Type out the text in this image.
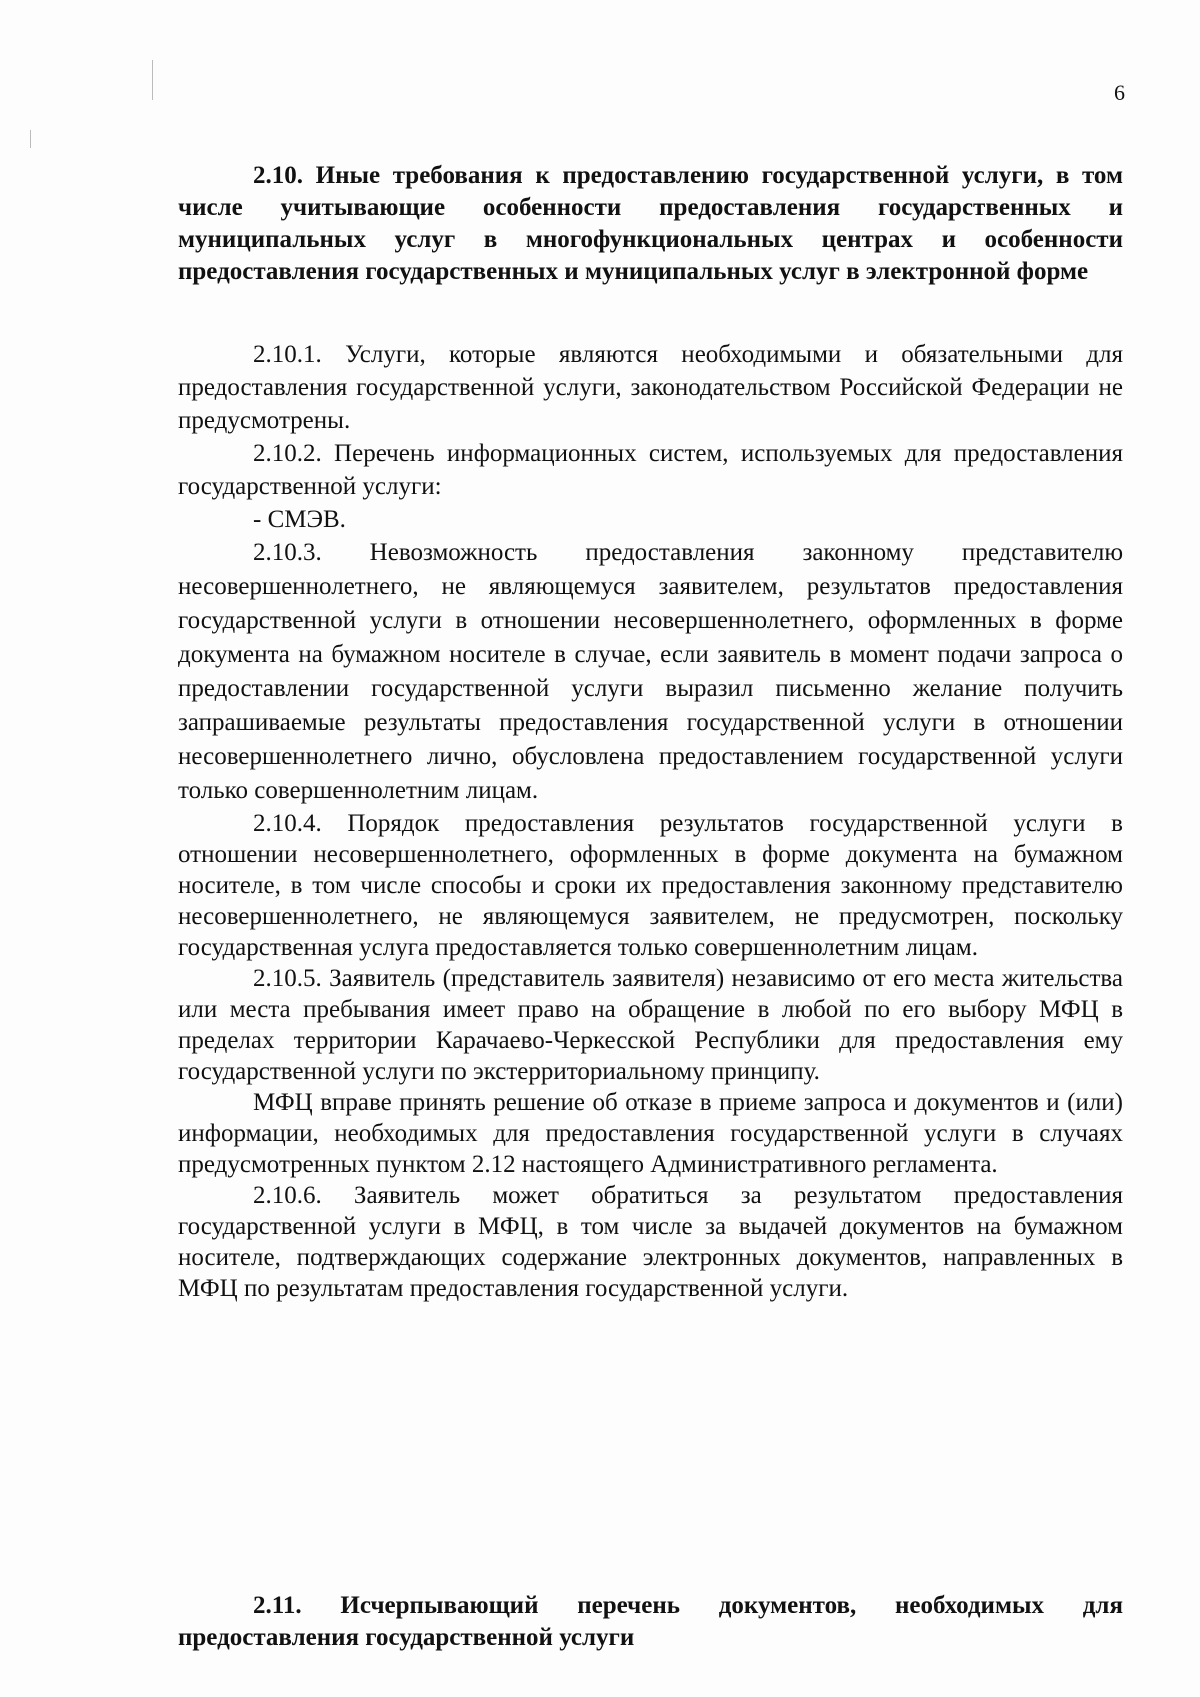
6
2.10. Иные требования к предоставлению государственной услуги, в том числе учитывающие особенности предоставления государственных и муниципальных услуг в многофункциональных центрах и особенности предоставления государственных и муниципальных услуг в электронной форме

2.10.1. Услуги, которые являются необходимыми и обязательными для предоставления государственной услуги, законодательством Российской Федерации не предусмотрены.

2.10.2. Перечень информационных систем, используемых для предоставления государственной услуги:

- СМЭВ.

2.10.3. Невозможность предоставления законному представителю несовершеннолетнего, не являющемуся заявителем, результатов предоставления государственной услуги в отношении несовершеннолетнего, оформленных в форме документа на бумажном носителе в случае, если заявитель в момент подачи запроса о предоставлении государственной услуги выразил письменно желание получить запрашиваемые результаты предоставления государственной услуги в отношении несовершеннолетнего лично, обусловлена предоставлением государственной услуги только совершеннолетним лицам.

2.10.4. Порядок предоставления результатов государственной услуги в отношении несовершеннолетнего, оформленных в форме документа на бумажном носителе, в том числе способы и сроки их предоставления законному представителю несовершеннолетнего, не являющемуся заявителем, не предусмотрен, поскольку государственная услуга предоставляется только совершеннолетним лицам.

2.10.5. Заявитель (представитель заявителя) независимо от его места жительства или места пребывания имеет право на обращение в любой по его выбору МФЦ в пределах территории Карачаево-Черкесской Республики для предоставления ему государственной услуги по экстерриториальному принципу.

МФЦ вправе принять решение об отказе в приеме запроса и документов и (или) информации, необходимых для предоставления государственной услуги в случаях предусмотренных пунктом 2.12 настоящего Административного регламента.

2.10.6. Заявитель может обратиться за результатом предоставления государственной услуги в МФЦ, в том числе за выдачей документов на бумажном носителе, подтверждающих содержание электронных документов, направленных в МФЦ по результатам предоставления государственной услуги.

2.11. Исчерпывающий перечень документов, необходимых для предоставления государственной услуги
